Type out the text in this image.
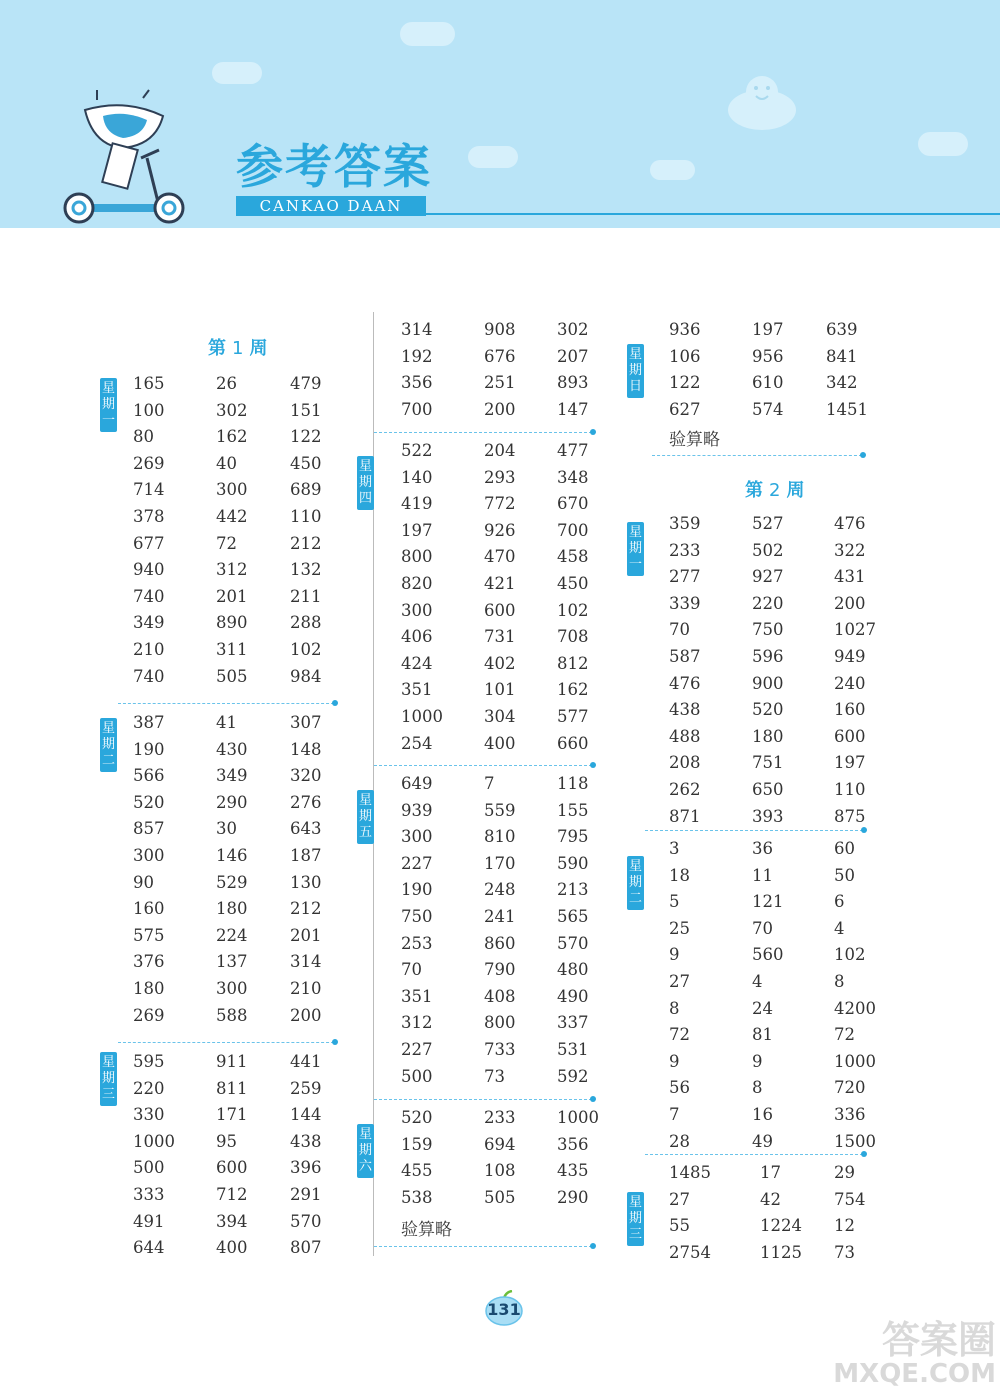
参考答案
CANKAO DAAN
第 1 周
第 2 周
星期一
星期二
星期三
星期四
星期五
星期六
星期日
星期一
星期二
星期三
验算略
验算略
165	26	479
100	302	151
80	162	122
269	40	450
714	300	689
378	442	110
677	72	212
940	312	132
740	201	211
349	890	288
210	311	102
740	505	984
387	41	307
190	430	148
566	349	320
520	290	276
857	30	643
300	146	187
90	529	130
160	180	212
575	224	201
376	137	314
180	300	210
269	588	200
595	911	441
220	811	259
330	171	144
1000 95	438
500	600	396
333	712	291
491	394	570
644	400	807
314	908	302
192	676	207
356	251	893
700	200	147
522	204	477
140	293	348
419	772	670
197	926	700
800	470	458
820	421	450
300	600	102
406	731	708
424	402	812
351	101	162
1000 304	577
254	400	660
649	7	118
939	559	155
300	810	795
227	170	590
190	248	213
750	241	565
253	860	570
70	790	480
351	408	490
312	800	337
227	733	531
500	73	592
520	233	1000
159	694	356
455	108	435
538	505	290
936	197	639
106	956	841
122	610	342
627	574	1451
359	527	476
233	502	322
277	927	431
339	220	200
70	750	1027
587	596	949
476	900	240
438	520	160
488	180	600
208	751	197
262	650	110
871	393	875
3	36	60
18	11	50
5	121	6
25	70	4
9	560	102
27	4	8
8	24	4200
72	81	72
9	9	1000
56	8	720
7	16	336
28	49	1500
1485	17	29
27	42	754
55	1224 12
2754	1125 73
131
答案圈
MXQE.COM
